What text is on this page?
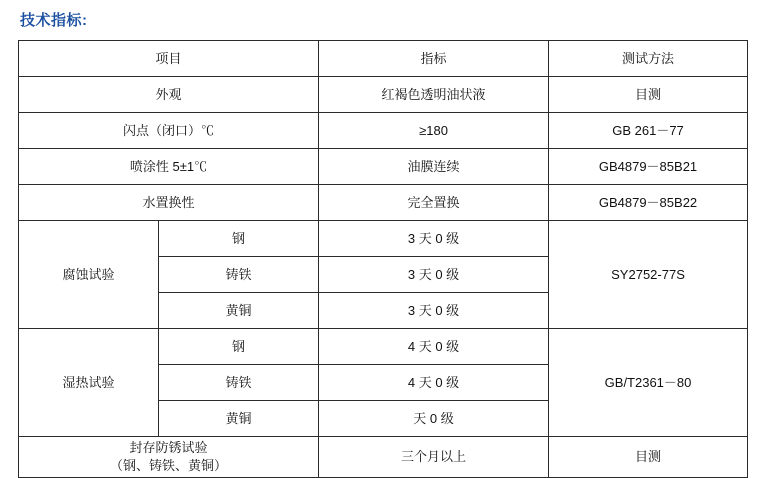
技术指标:
项目		指标	测试方法
外观		红褐色透明油状液	目测
闪点（闭口）℃		≥180	GB 261－77
喷涂性 5±1℃		油膜连续	GB4879－85B21
水置换性		完全置换	GB4879－85B22
腐蚀试验	钢	3 天 0 级	SY2752-77S
	铸铁	3 天 0 级	
	黄铜	3 天 0 级	
湿热试验	钢	4 天 0 级	GB/T2361－80
	铸铁	4 天 0 级	
	黄铜	天 0 级	

封存防锈试验
（钢、铸铁、黄铜）		三个月以上	目测
